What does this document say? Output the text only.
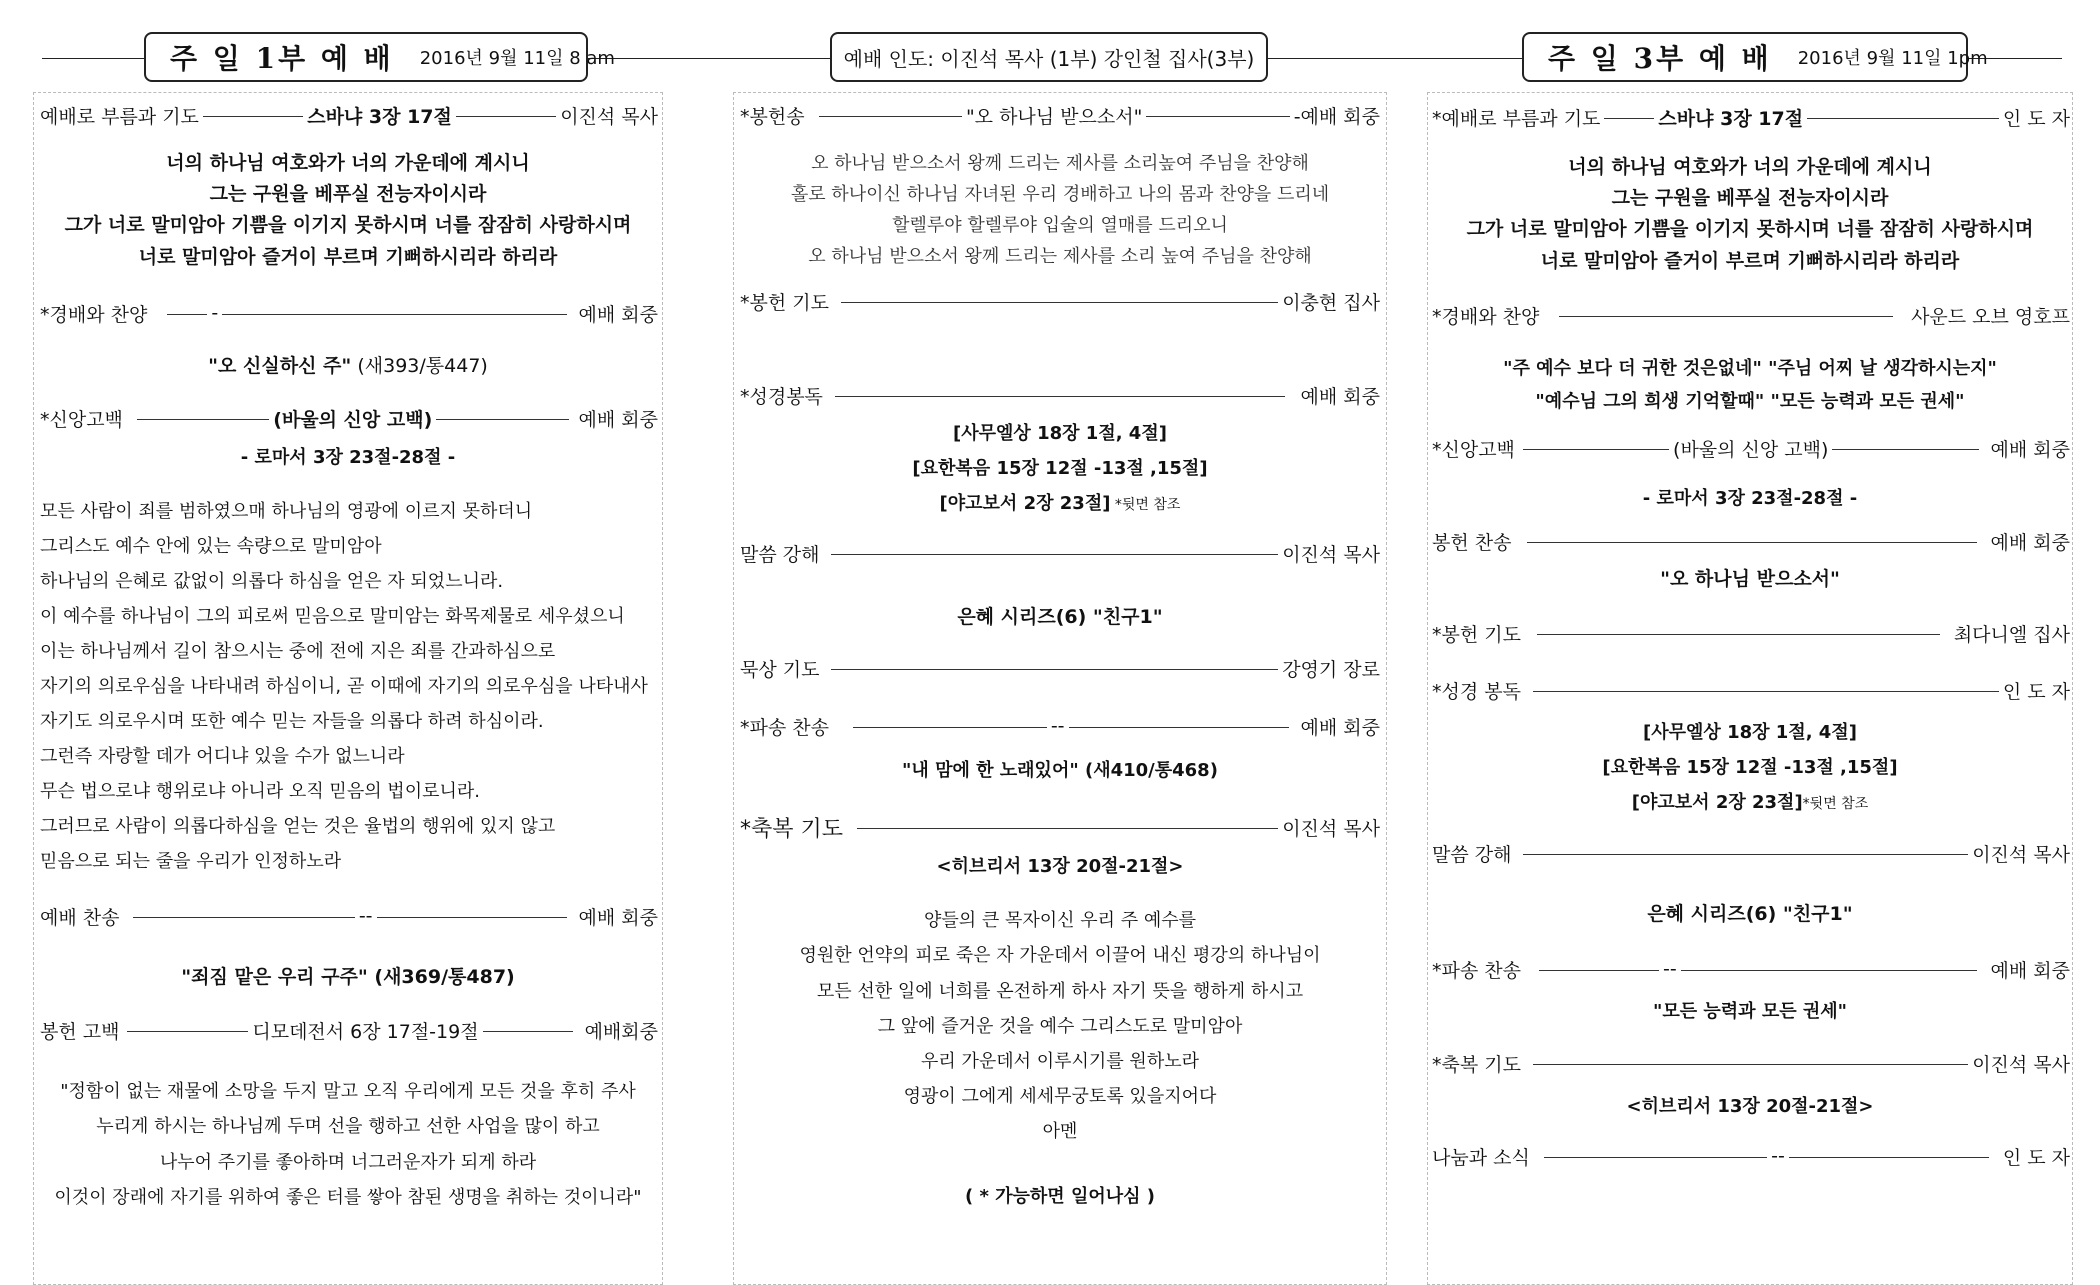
주 일 1부 예 배 2016년 9월 11일 8 am	예배 인도: 이진석 목사 (1부) 강인철 집사(3부)	주 일 3부 예 배 2016년 9월 11일 1pm
예배로 부름과 기도	스바냐 3장 17절	이진석 목사
너의 하나님 여호와가 너의 가운데에 계시니
그는 구원을 베푸실 전능자이시라
그가 너로 말미암아 기쁨을 이기지 못하시며 너를 잠잠히 사랑하시며
너로 말미암아 즐거이 부르며 기뻐하시리라 하리라
*경배와 찬양	-	예배 회중
"오 신실하신 주" (새393/통447)
*신앙고백	(바울의 신앙 고백)	예배 회중
- 로마서 3장 23절-28절 -
모든 사람이 죄를 범하였으매 하나님의 영광에 이르지 못하더니
그리스도 예수 안에 있는 속량으로 말미암아
하나님의 은혜로 값없이 의롭다 하심을 얻은 자 되었느니라.
이 예수를 하나님이 그의 피로써 믿음으로 말미암는 화목제물로 세우셨으니
이는 하나님께서 길이 참으시는 중에 전에 지은 죄를 간과하심으로
자기의 의로우심을 나타내려 하심이니, 곧 이때에 자기의 의로우심을 나타내사
자기도 의로우시며 또한 예수 믿는 자들을 의롭다 하려 하심이라.
그런즉 자랑할 데가 어디냐 있을 수가 없느니라
무슨 법으로냐 행위로냐 아니라 오직 믿음의 법이로니라.
그러므로 사람이 의롭다하심을 얻는 것은 율법의 행위에 있지 않고
믿음으로 되는 줄을 우리가 인정하노라
예배 찬송	--	예배 회중
"죄짐 맡은 우리 구주" (새369/통487)
봉헌 고백	디모데전서 6장 17절-19절	예배회중
"정함이 없는 재물에 소망을 두지 말고 오직 우리에게 모든 것을 후히 주사
누리게 하시는 하나님께 두며 선을 행하고 선한 사업을 많이 하고
나누어 주기를 좋아하며 너그러운자가 되게 하라
이것이 장래에 자기를 위하여 좋은 터를 쌓아 참된 생명을 취하는 것이니라"
*봉헌송	"오 하나님 받으소서"	-예배 회중
오 하나님 받으소서 왕께 드리는 제사를 소리높여 주님을 찬양해
홀로 하나이신 하나님 자녀된 우리 경배하고 나의 몸과 찬양을 드리네
할렐루야 할렐루야 입술의 열매를 드리오니
오 하나님 받으소서 왕께 드리는 제사를 소리 높여 주님을 찬양해
*봉헌 기도	이충현 집사
*성경봉독	예배 회중
[사무엘상 18장 1절, 4절]
[요한복음 15장 12절 -13절 ,15절]
[야고보서 2장 23절] *뒷면 참조
말씀 강해	이진석 목사
은혜 시리즈(6) "친구1"
묵상 기도	강영기 장로
*파송 찬송	--	예배 회중
"내 맘에 한 노래있어" (새410/통468)
*축복 기도	이진석 목사
<히브리서 13장 20절-21절>
양들의 큰 목자이신 우리 주 예수를
영원한 언약의 피로 죽은 자 가운데서 이끌어 내신 평강의 하나님이
모든 선한 일에 너희를 온전하게 하사 자기 뜻을 행하게 하시고
그 앞에 즐거운 것을 예수 그리스도로 말미암아
우리 가운데서 이루시기를 원하노라
영광이 그에게 세세무궁토록 있을지어다
아멘
( * 가능하면 일어나심 )
*예배로 부름과 기도	스바냐 3장 17절	인 도 자
너의 하나님 여호와가 너의 가운데에 계시니
그는 구원을 베푸실 전능자이시라
그가 너로 말미암아 기쁨을 이기지 못하시며 너를 잠잠히 사랑하시며
너로 말미암아 즐거이 부르며 기뻐하시리라 하리라
*경배와 찬양	사운드 오브 영호프
"주 예수 보다 더 귀한 것은없네" "주님 어찌 날 생각하시는지"
"예수님 그의 희생 기억할때" "모든 능력과 모든 권세"
*신앙고백	(바울의 신앙 고백)	예배 회중
- 로마서 3장 23절-28절 -
봉헌 찬송	예배 회중
"오 하나님 받으소서"
*봉헌 기도	최다니엘 집사
*성경 봉독	인 도 자
[사무엘상 18장 1절, 4절]
[요한복음 15장 12절 -13절 ,15절]
[야고보서 2장 23절]*뒷면 참조
말씀 강해	이진석 목사
은혜 시리즈(6) "친구1"
*파송 찬송	--	예배 회중
"모든 능력과 모든 권세"
*축복 기도	이진석 목사
<히브리서 13장 20절-21절>
나눔과 소식	--	인 도 자
